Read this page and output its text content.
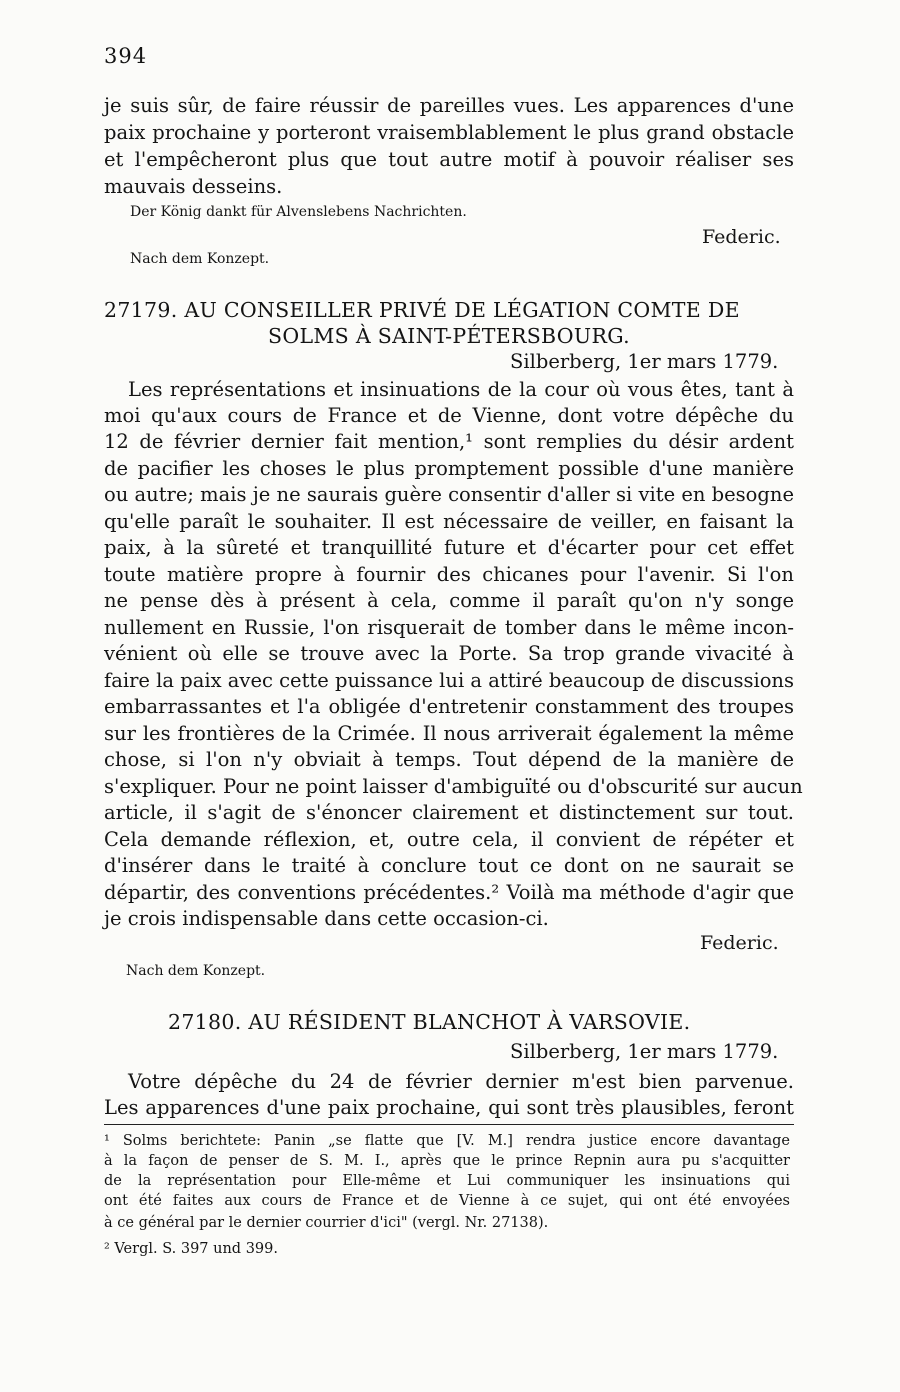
394
je suis sûr, de faire réussir de pareilles vues. Les apparences d'une
paix prochaine y porteront vraisemblablement le plus grand obstacle
et l'empêcheront plus que tout autre motif à pouvoir réaliser ses
mauvais desseins.
Der König dankt für Alvenslebens Nachrichten.
Federic.
Nach dem Konzept.
27179. AU CONSEILLER PRIVÉ DE LÉGATION COMTE DE
SOLMS À SAINT-PÉTERSBOURG.
Silberberg, 1er mars 1779.
Les représentations et insinuations de la cour où vous êtes, tant à
moi qu'aux cours de France et de Vienne, dont votre dépêche du
12 de février dernier fait mention,¹ sont remplies du désir ardent
de pacifier les choses le plus promptement possible d'une manière
ou autre; mais je ne saurais guère consentir d'aller si vite en besogne
qu'elle paraît le souhaiter. Il est nécessaire de veiller, en faisant la
paix, à la sûreté et tranquillité future et d'écarter pour cet effet
toute matière propre à fournir des chicanes pour l'avenir. Si l'on
ne pense dès à présent à cela, comme il paraît qu'on n'y songe
nullement en Russie, l'on risquerait de tomber dans le même incon-
vénient où elle se trouve avec la Porte. Sa trop grande vivacité à
faire la paix avec cette puissance lui a attiré beaucoup de discussions
embarrassantes et l'a obligée d'entretenir constamment des troupes
sur les frontières de la Crimée. Il nous arriverait également la même
chose, si l'on n'y obviait à temps. Tout dépend de la manière de
s'expliquer. Pour ne point laisser d'ambiguïté ou d'obscurité sur aucun
article, il s'agit de s'énoncer clairement et distinctement sur tout.
Cela demande réflexion, et, outre cela, il convient de répéter et
d'insérer dans le traité à conclure tout ce dont on ne saurait se
départir, des conventions précédentes.² Voilà ma méthode d'agir que
je crois indispensable dans cette occasion-ci.
Federic.
Nach dem Konzept.
27180. AU RÉSIDENT BLANCHOT À VARSOVIE.
Silberberg, 1er mars 1779.
Votre dépêche du 24 de février dernier m'est bien parvenue.
Les apparences d'une paix prochaine, qui sont très plausibles, feront
¹ Solms berichtete: Panin „se flatte que [V. M.] rendra justice encore davantage
à la façon de penser de S. M. I., après que le prince Repnin aura pu s'acquitter
de la représentation pour Elle-même et Lui communiquer les insinuations qui
ont été faites aux cours de France et de Vienne à ce sujet, qui ont été envoyées
à ce général par le dernier courrier d'ici" (vergl. Nr. 27138).
² Vergl. S. 397 und 399.
